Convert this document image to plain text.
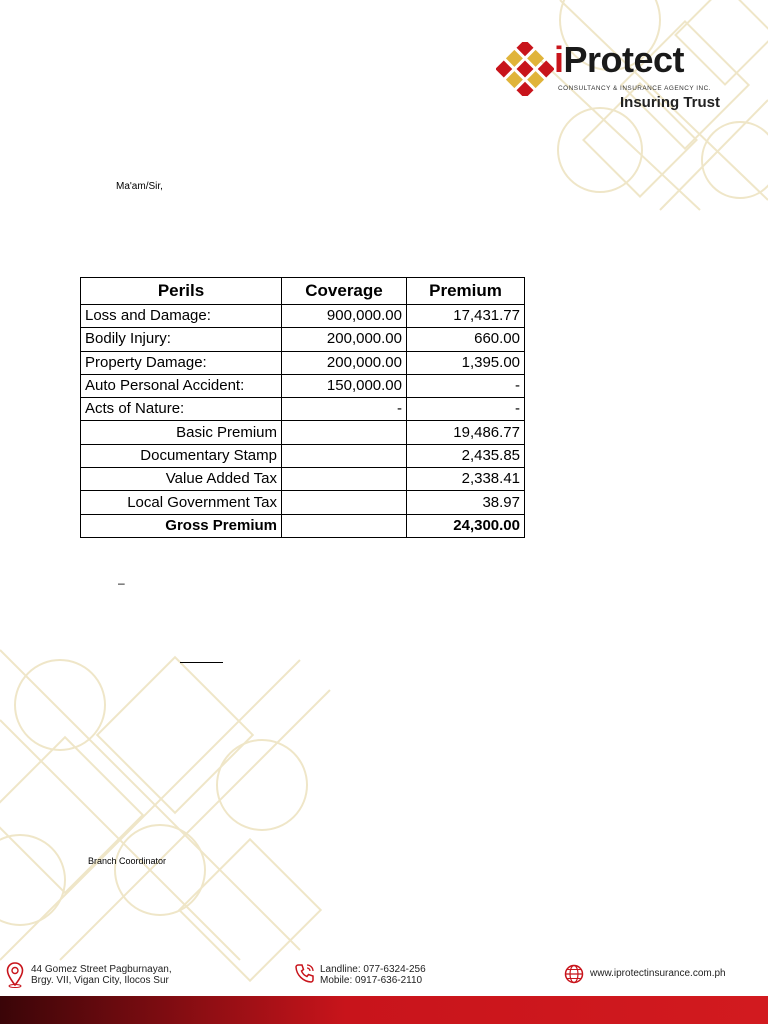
iProtect
CONSULTANCY & INSURANCE AGENCY INC.
Insuring Trust
Ma'am/Sir,
Perils	Coverage	Premium
Loss and Damage:	900,000.00	17,431.77
Bodily Injury:	200,000.00	660.00
Property Damage:	200,000.00	1,395.00
Auto Personal Accident:	150,000.00	-
Acts of Nature:	-	-
Basic Premium		19,486.77
Documentary Stamp		2,435.85
Value Added Tax		2,338.41
Local Government Tax		38.97
Gross Premium		24,300.00
–
Branch Coordinator
44 Gomez Street Pagburnayan,
Brgy. VII, Vigan City, Ilocos Sur
Landline: 077-6324-256
Mobile: 0917-636-2110
www.iprotectinsurance.com.ph
